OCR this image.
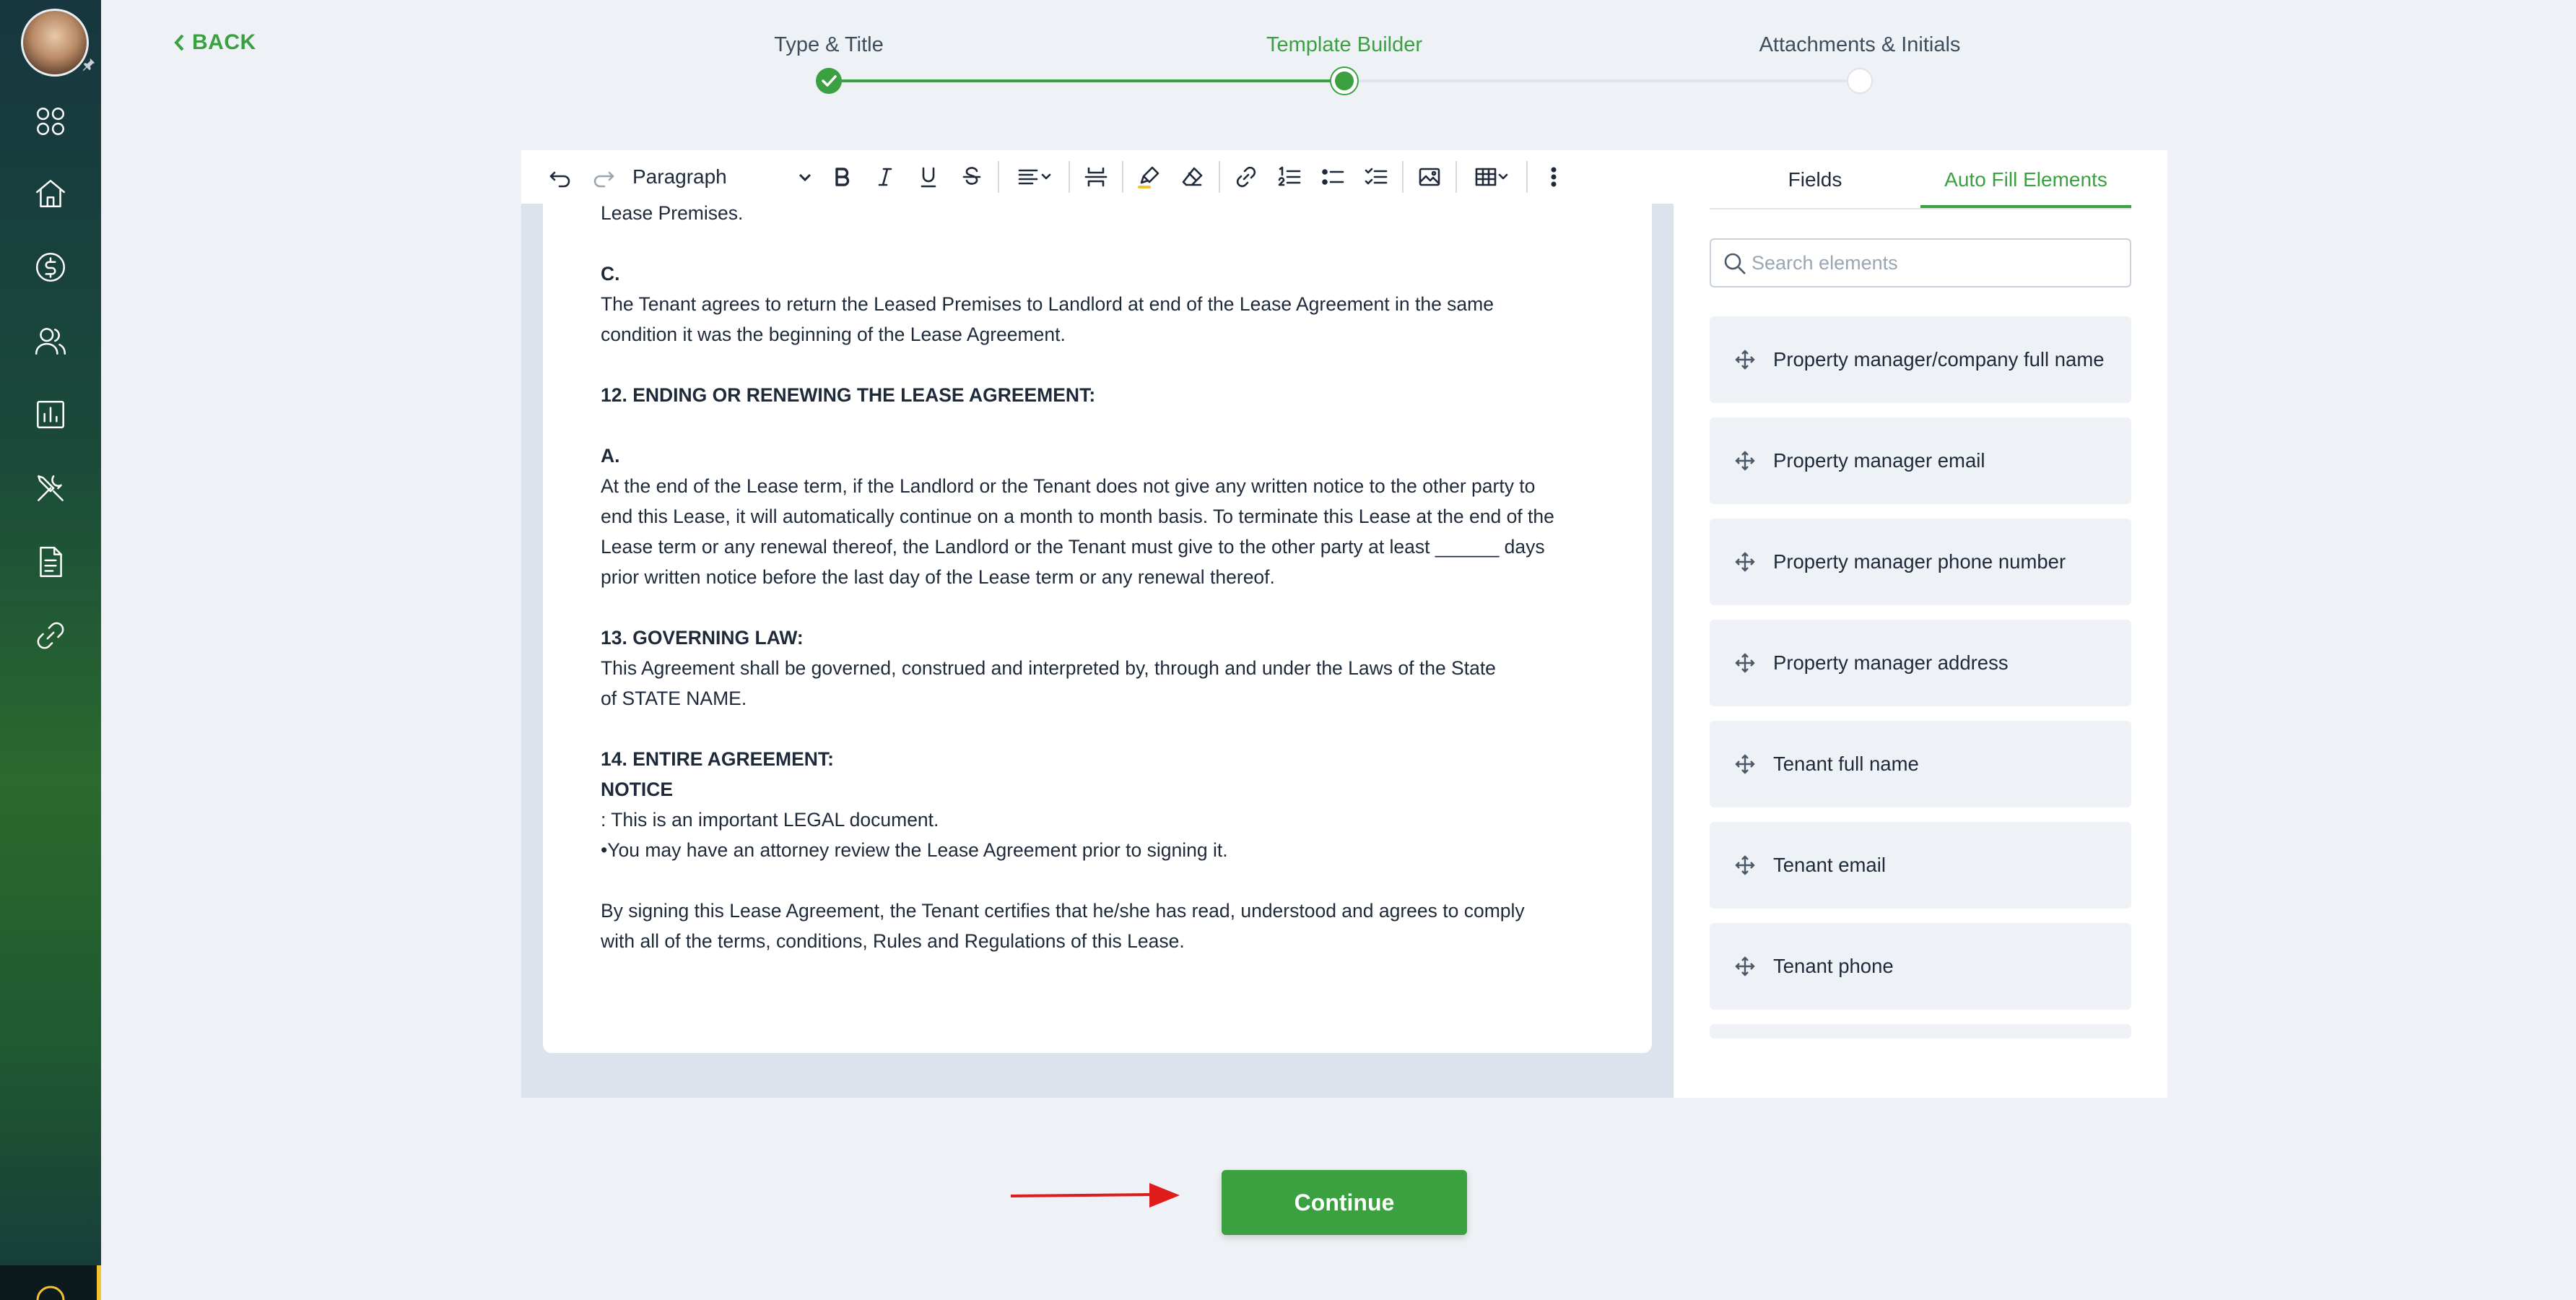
BACK	Type & Title	Template Builder	Attachments & Initials
Paragraph

Lease Premises.

C.

The Tenant agrees to return the Leased Premises to Landlord at end of the Lease Agreement in the same

condition it was the beginning of the Lease Agreement.

12. ENDING OR RENEWING THE LEASE AGREEMENT:

A.

At the end of the Lease term, if the Landlord or the Tenant does not give any written notice to the other party to

end this Lease, it will automatically continue on a month to month basis. To terminate this Lease at the end of the

Lease term or any renewal thereof, the Landlord or the Tenant must give to the other party at least ______ days

prior written notice before the last day of the Lease term or any renewal thereof.

13. GOVERNING LAW:

This Agreement shall be governed, construed and interpreted by, through and under the Laws of the State

of STATE NAME.

14. ENTIRE AGREEMENT:

NOTICE

: This is an important LEGAL document.

•You may have an attorney review the Lease Agreement prior to signing it.

By signing this Lease Agreement, the Tenant certifies that he/she has read, understood and agrees to comply

with all of the terms, conditions, Rules and Regulations of this Lease.

Fields	Auto Fill Elements
Search elements
Property manager/company full name
Property manager email
Property manager phone number
Property manager address
Tenant full name
Tenant email
Tenant phone
Continue
